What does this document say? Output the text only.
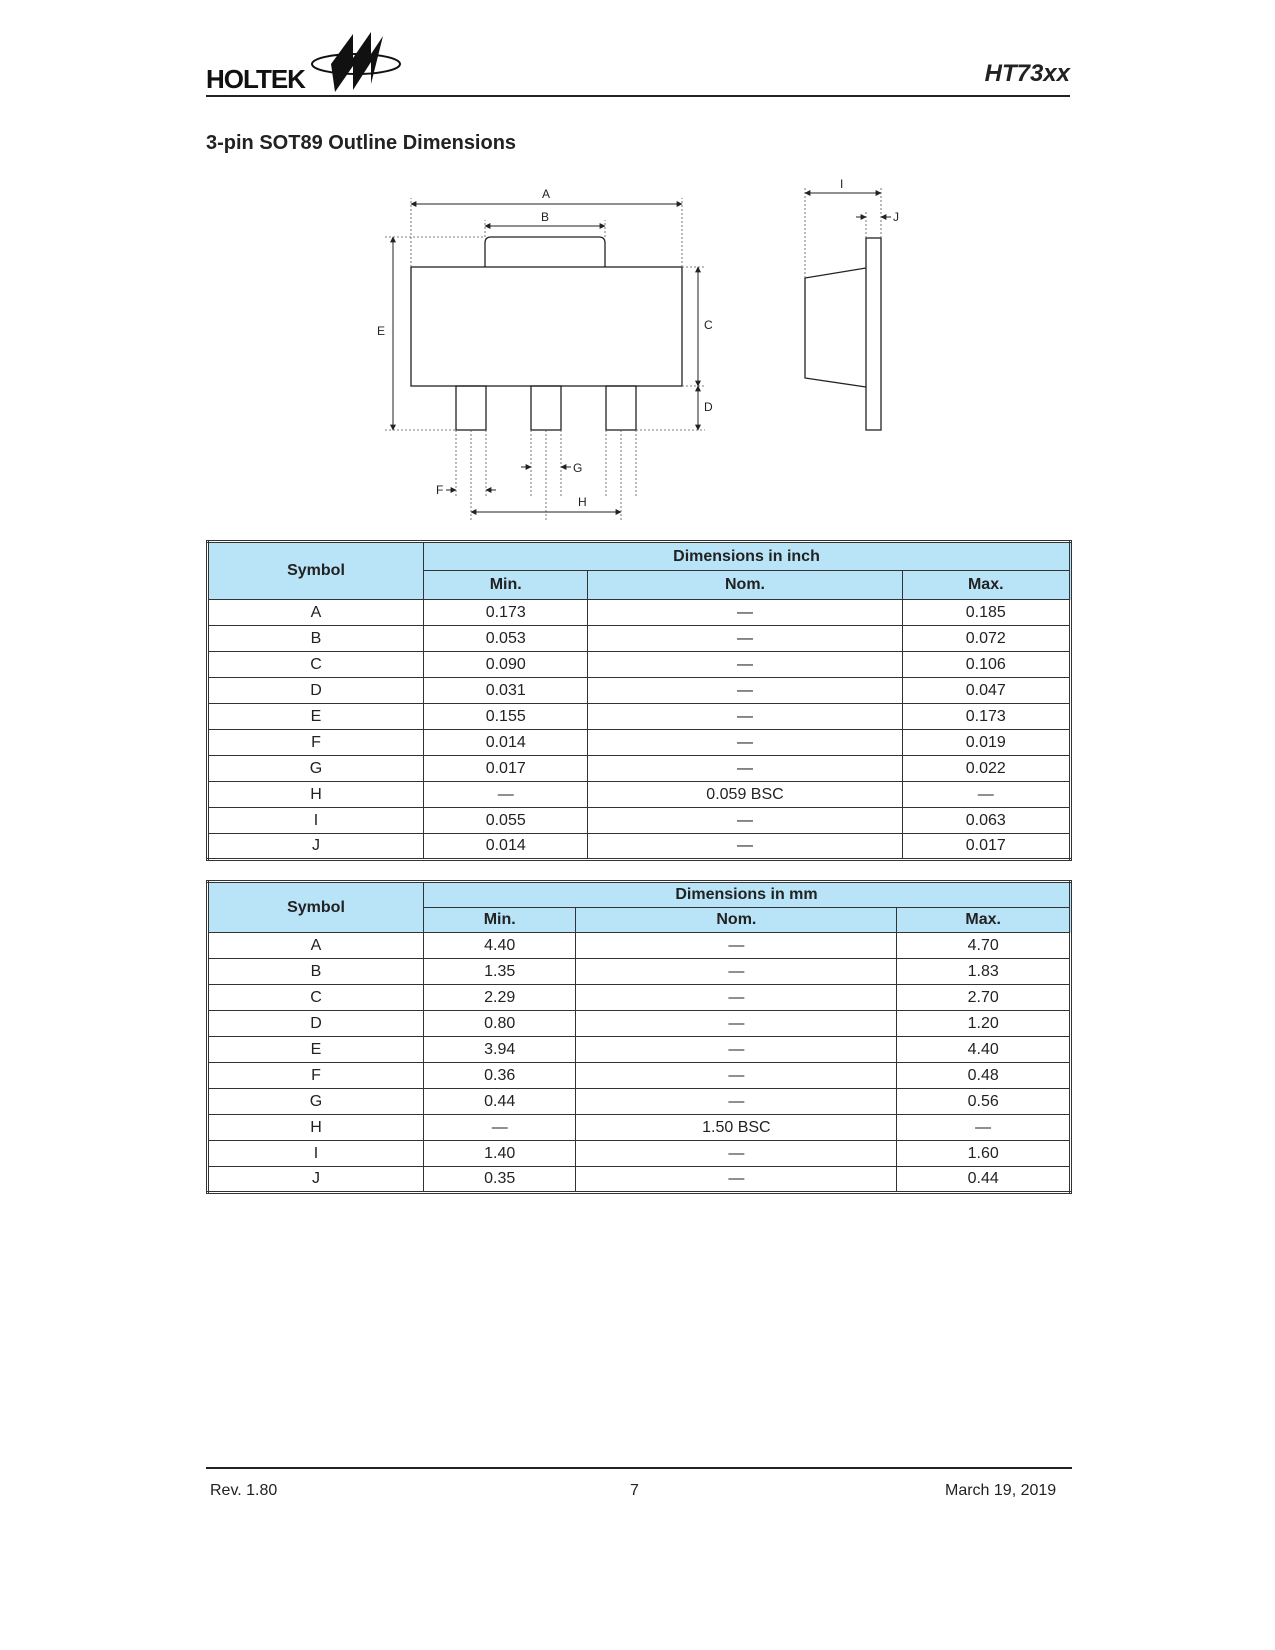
HOLTEK	HT73xx
3-pin SOT89 Outline Dimensions
A
B
E	C
D
I
J
G
F
H
Symbol	Dimensions in inch		
	Min.	Nom.	Max.
A	0.173	—	0.185
B	0.053	—	0.072
C	0.090	—	0.106
D	0.031	—	0.047
E	0.155	—	0.173
F	0.014	—	0.019
G	0.017	—	0.022
H	—	0.059 BSC	—
I	0.055	—	0.063
J	0.014	—	0.017
Symbol	Dimensions in mm		
	Min.	Nom.	Max.
A	4.40	—	4.70
B	1.35	—	1.83
C	2.29	—	2.70
D	0.80	—	1.20
E	3.94	—	4.40
F	0.36	—	0.48
G	0.44	—	0.56
H	—	1.50 BSC	—
I	1.40	—	1.60
J	0.35	—	0.44
Rev. 1.80	7	March 19, 2019
